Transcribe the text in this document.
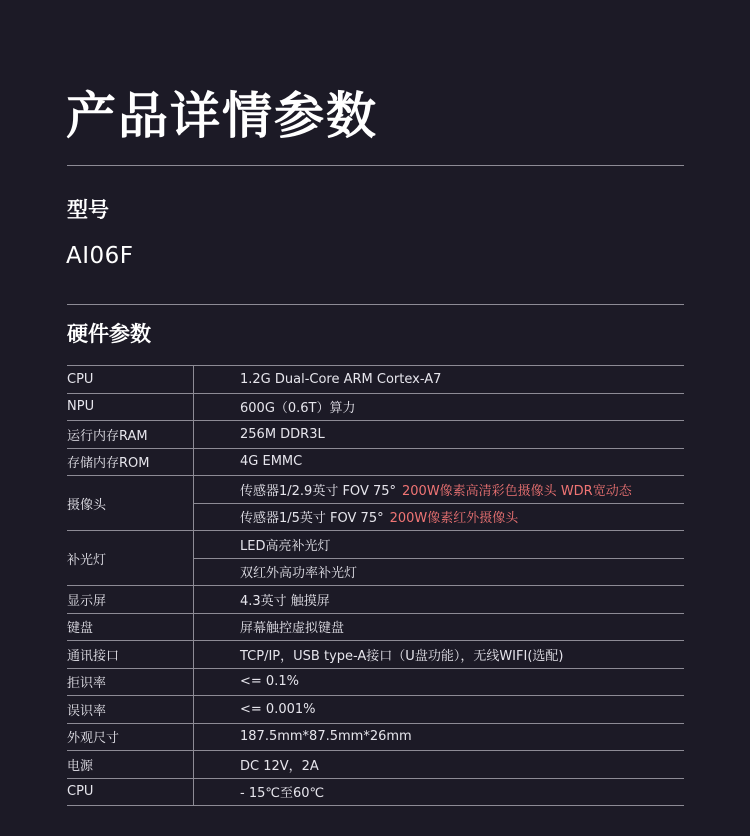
产品详情参数
型号
AI06F
硬件参数
CPU	1.2G Dual-Core ARM Cortex-A7
NPU	600G（0.6T）算力
运行内存RAM	256M DDR3L
存储内存ROM	4G EMMC
摄像头	传感器1/2.9英寸 FOV 75° 200W像素高清彩色摄像头 WDR宽动态
	传感器1/5英寸 FOV 75° 200W像素红外摄像头
补光灯	LED高亮补光灯
	双红外高功率补光灯
显示屏	4.3英寸 触摸屏
键盘	屏幕触控虚拟键盘
通讯接口	TCP/IP，USB type-A接口（U盘功能），无线WIFI(选配)
拒识率	<= 0.1%
误识率	<= 0.001%
外观尺寸	187.5mm*87.5mm*26mm
电源	DC 12V，2A
CPU	- 15℃至60℃
